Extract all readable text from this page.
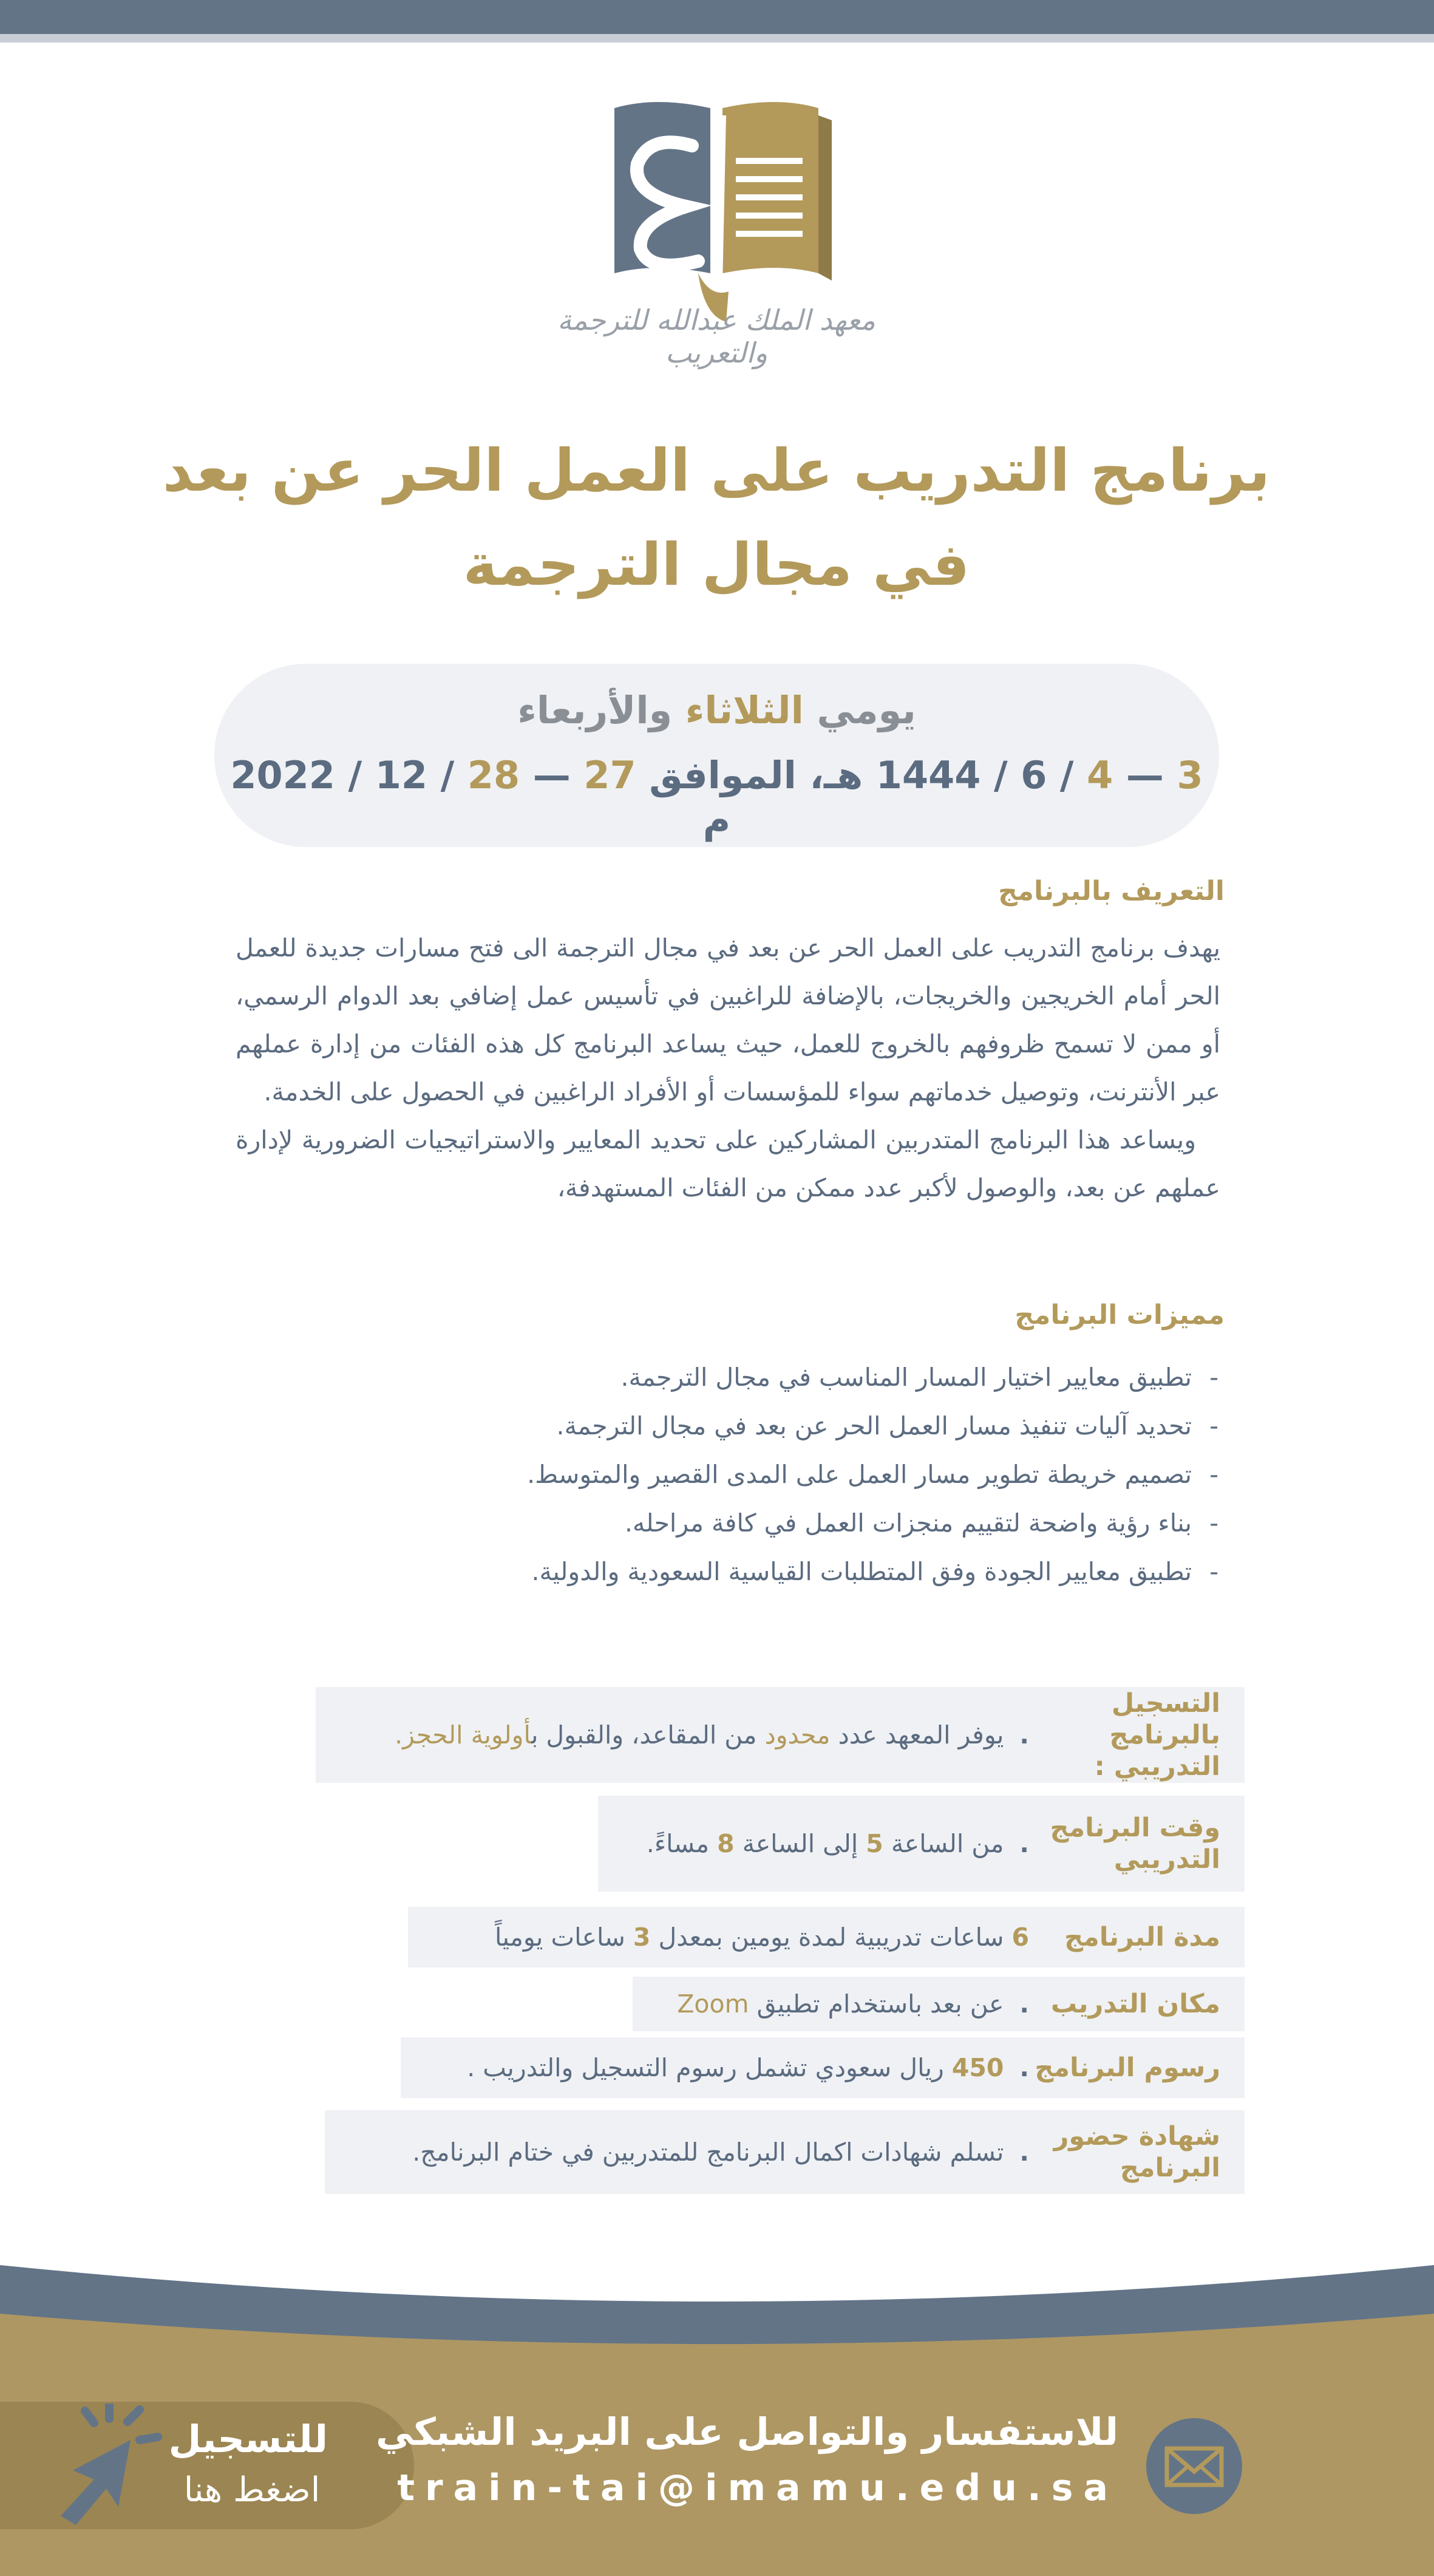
معهد الملك عبدالله للترجمة والتعريب
برنامج التدريب على العمل الحر عن بعد
في مجال الترجمة
يومي الثلاثاء والأربعاء
3 — 4 / 6 / 1444 هـ، الموافق 27 — 28 / 12 / 2022 م
التعريف بالبرنامج

يهدف برنامج التدريب على العمل الحر عن بعد في مجال الترجمة الى فتح مسارات جديدة للعمل الحر أمام الخريجين والخريجات، بالإضافة للراغبين في تأسيس عمل إضافي بعد الدوام الرسمي، أو ممن لا تسمح ظروفهم بالخروج للعمل، حيث يساعد البرنامج كل هذه الفئات من إدارة عملهم عبر الأنترنت، وتوصيل خدماتهم سواء للمؤسسات أو الأفراد الراغبين في الحصول على الخدمة.

ويساعد هذا البرنامج المتدربين المشاركين على تحديد المعايير والاستراتيجيات الضرورية لإدارة عملهم عن بعد، والوصول لأكبر عدد ممكن من الفئات المستهدفة،

مميزات البرنامج
-تطبيق معايير اختيار المسار المناسب في مجال الترجمة.
-تحديد آليات تنفيذ مسار العمل الحر عن بعد في مجال الترجمة.
-تصميم خريطة تطوير مسار العمل على المدى القصير والمتوسط.
-بناء رؤية واضحة لتقييم منجزات العمل في كافة مراحله.
-تطبيق معايير الجودة وفق المتطلبات القياسية السعودية والدولية.
التسجيل بالبرنامج التدريبي :
.يوفر المعهد عدد محدود من المقاعد، والقبول بأولوية الحجز.
وقت البرنامج التدريبي
.من الساعة 5 إلى الساعة 8 مساءً.
مدة البرنامج
6 ساعات تدريبية لمدة يومين بمعدل 3 ساعات يومياً
مكان التدريب
.عن بعد باستخدام تطبيق Zoom
رسوم البرنامج
.450 ريال سعودي تشمل رسوم التسجيل والتدريب .
شهادة حضور البرنامج
.تسلم شهادات اكمال البرنامج للمتدربين في ختام البرنامج.
للتسجيل
اضغط هنا
للاستفسار والتواصل على البريد الشبكي
train-tai@imamu.edu.sa
